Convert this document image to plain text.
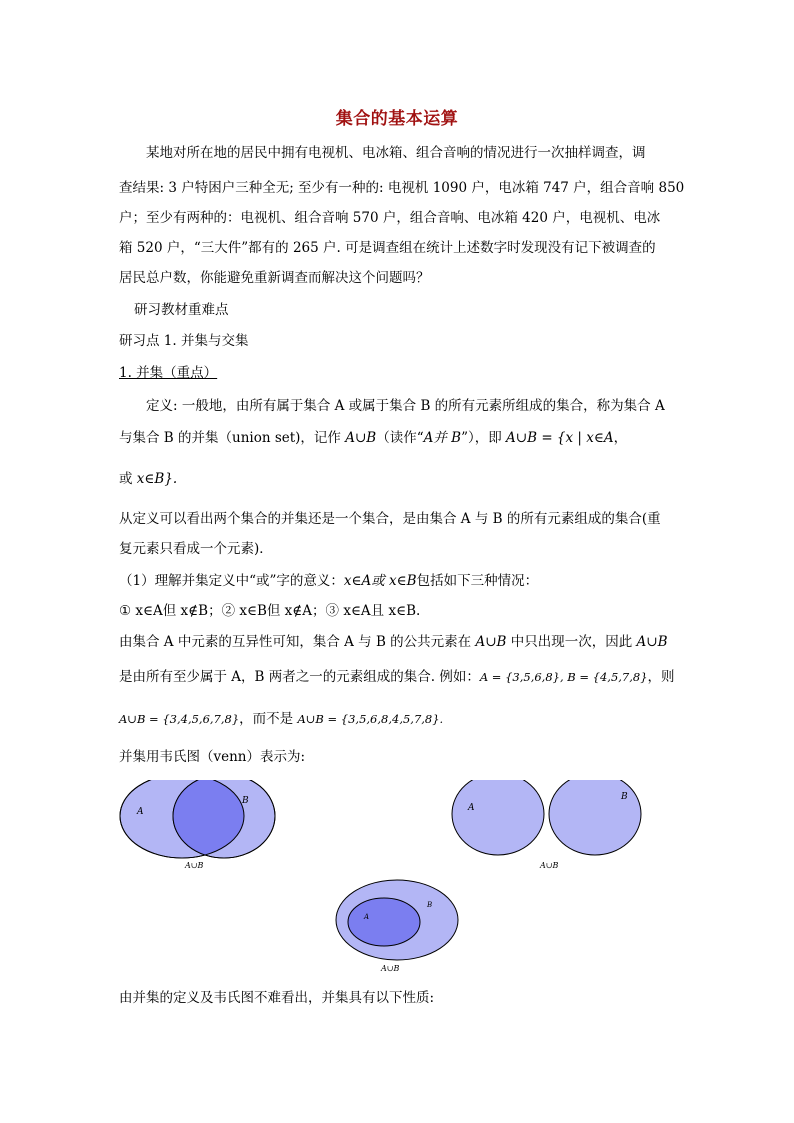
集合的基本运算
某地对所在地的居民中拥有电视机、电冰箱、组合音响的情况进行一次抽样调查，调
查结果: 3 户特困户三种全无; 至少有一种的: 电视机 1090 户，电冰箱 747 户，组合音响 850
户；至少有两种的：电视机、组合音响 570 户，组合音响、电冰箱 420 户，电视机、电冰
箱 520 户，“三大件”都有的 265 户. 可是调查组在统计上述数字时发现没有记下被调查的
居民总户数，你能避免重新调查而解决这个问题吗？
研习教材重难点
研习点 1. 并集与交集
1. 并集（重点）
定义: 一般地，由所有属于集合 A 或属于集合 B 的所有元素所组成的集合，称为集合 A
与集合 B 的并集（union set)，记作 A∪B（读作“A并 B”），即 A∪B = {x | x∈A，
或 x∈B}.
从定义可以看出两个集合的并集还是一个集合，是由集合 A 与 B 的所有元素组成的集合(重
复元素只看成一个元素)．
（1）理解并集定义中“或”字的意义：x∈A或 x∈B包括如下三种情况：
① x∈A但 x∉B；② x∈B但 x∉A；③ x∈A且 x∈B.
由集合 A 中元素的互异性可知，集合 A 与 B 的公共元素在 A∪B 中只出现一次，因此 A∪B
是由所有至少属于 A，B 两者之一的元素组成的集合. 例如：A = {3,5,6,8}, B = {4,5,7,8}，则
A∪B = {3,4,5,6,7,8}，而不是 A∪B = {3,5,6,8,4,5,7,8}.
并集用韦氏图（venn）表示为:
A
B
A∪B
A
B
A∪B
A
B
A∪B
由并集的定义及韦氏图不难看出，并集具有以下性质:
